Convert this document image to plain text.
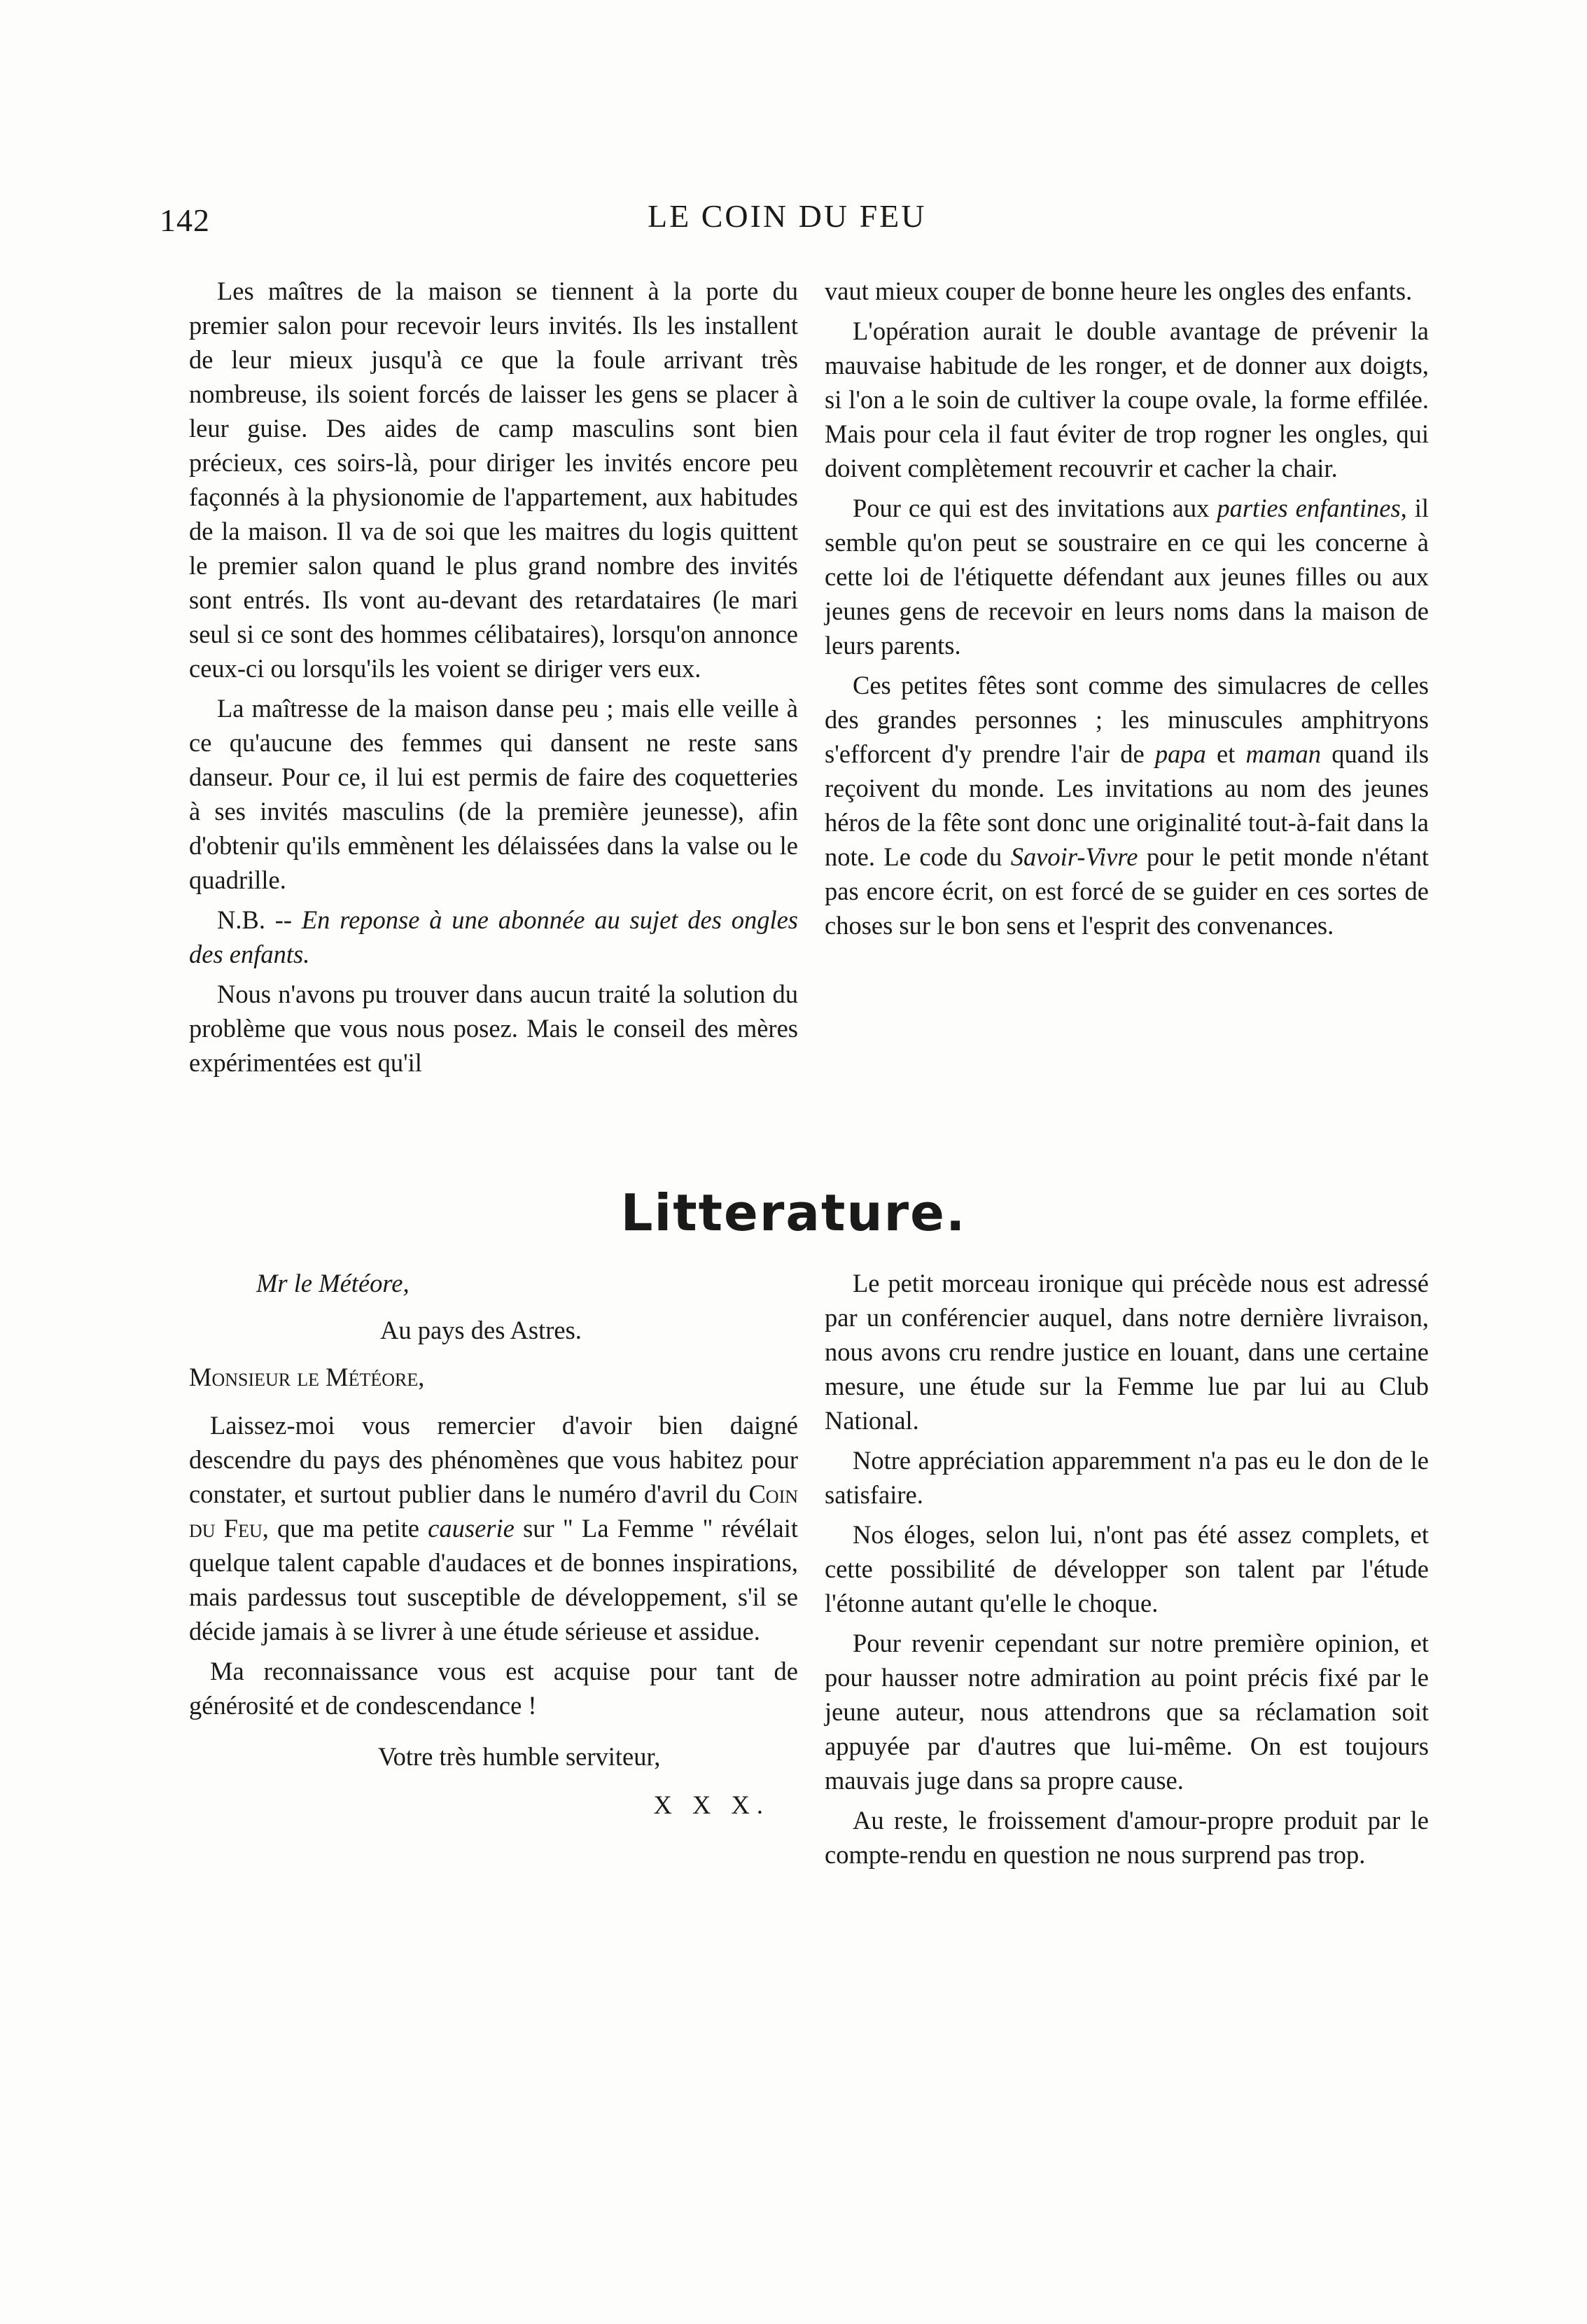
142	LE COIN DU FEU

Les maîtres de la maison se tiennent à la porte du premier salon pour recevoir leurs invités. Ils les installent de leur mieux jusqu'à ce que la foule arrivant très nombreuse, ils soient forcés de laisser les gens se placer à leur guise. Des aides de camp masculins sont bien précieux, ces soirs-là, pour diriger les invités encore peu façonnés à la physionomie de l'appartement, aux habitudes de la maison. Il va de soi que les maitres du logis quittent le premier salon quand le plus grand nombre des invités sont entrés. Ils vont au-devant des retardataires (le mari seul si ce sont des hommes célibataires), lorsqu'on annonce ceux-ci ou lorsqu'ils les voient se diriger vers eux.

La maîtresse de la maison danse peu ; mais elle veille à ce qu'aucune des femmes qui dansent ne reste sans danseur. Pour ce, il lui est permis de faire des coquetteries à ses invités masculins (de la première jeunesse), afin d'obtenir qu'ils emmènent les délaissées dans la valse ou le quadrille.

N.B. -- En reponse à une abonnée au sujet des ongles des enfants.

Nous n'avons pu trouver dans aucun traité la solution du problème que vous nous posez. Mais le conseil des mères expérimentées est qu'il

vaut mieux couper de bonne heure les ongles des enfants.

L'opération aurait le double avantage de prévenir la mauvaise habitude de les ronger, et de donner aux doigts, si l'on a le soin de cultiver la coupe ovale, la forme effilée. Mais pour cela il faut éviter de trop rogner les ongles, qui doivent complètement recouvrir et cacher la chair.

Pour ce qui est des invitations aux parties enfantines, il semble qu'on peut se soustraire en ce qui les concerne à cette loi de l'étiquette défendant aux jeunes filles ou aux jeunes gens de recevoir en leurs noms dans la maison de leurs parents.

Ces petites fêtes sont comme des simulacres de celles des grandes personnes ; les minuscules amphitryons s'efforcent d'y prendre l'air de papa et maman quand ils reçoivent du monde. Les invitations au nom des jeunes héros de la fête sont donc une originalité tout-à-fait dans la note. Le code du Savoir-Vivre pour le petit monde n'étant pas encore écrit, on est forcé de se guider en ces sortes de choses sur le bon sens et l'esprit des convenances.

Litterature.

Mr le Météore,

Au pays des Astres.

Monsieur le Météore,

Laissez-moi vous remercier d'avoir bien daigné descendre du pays des phénomènes que vous habitez pour constater, et surtout publier dans le numéro d'avril du Coin du Feu, que ma petite causerie sur " La Femme " révélait quelque talent capable d'audaces et de bonnes inspirations, mais pardessus tout susceptible de développement, s'il se décide jamais à se livrer à une étude sérieuse et assidue.

Ma reconnaissance vous est acquise pour tant de générosité et de condescendance !

Votre très humble serviteur,

X X X.

Le petit morceau ironique qui précède nous est adressé par un conférencier auquel, dans notre dernière livraison, nous avons cru rendre justice en louant, dans une certaine mesure, une étude sur la Femme lue par lui au Club National.

Notre appréciation apparemment n'a pas eu le don de le satisfaire.

Nos éloges, selon lui, n'ont pas été assez complets, et cette possibilité de développer son talent par l'étude l'étonne autant qu'elle le choque.

Pour revenir cependant sur notre première opinion, et pour hausser notre admiration au point précis fixé par le jeune auteur, nous attendrons que sa réclamation soit appuyée par d'autres que lui-même. On est toujours mauvais juge dans sa propre cause.

Au reste, le froissement d'amour-propre produit par le compte-rendu en question ne nous surprend pas trop.
